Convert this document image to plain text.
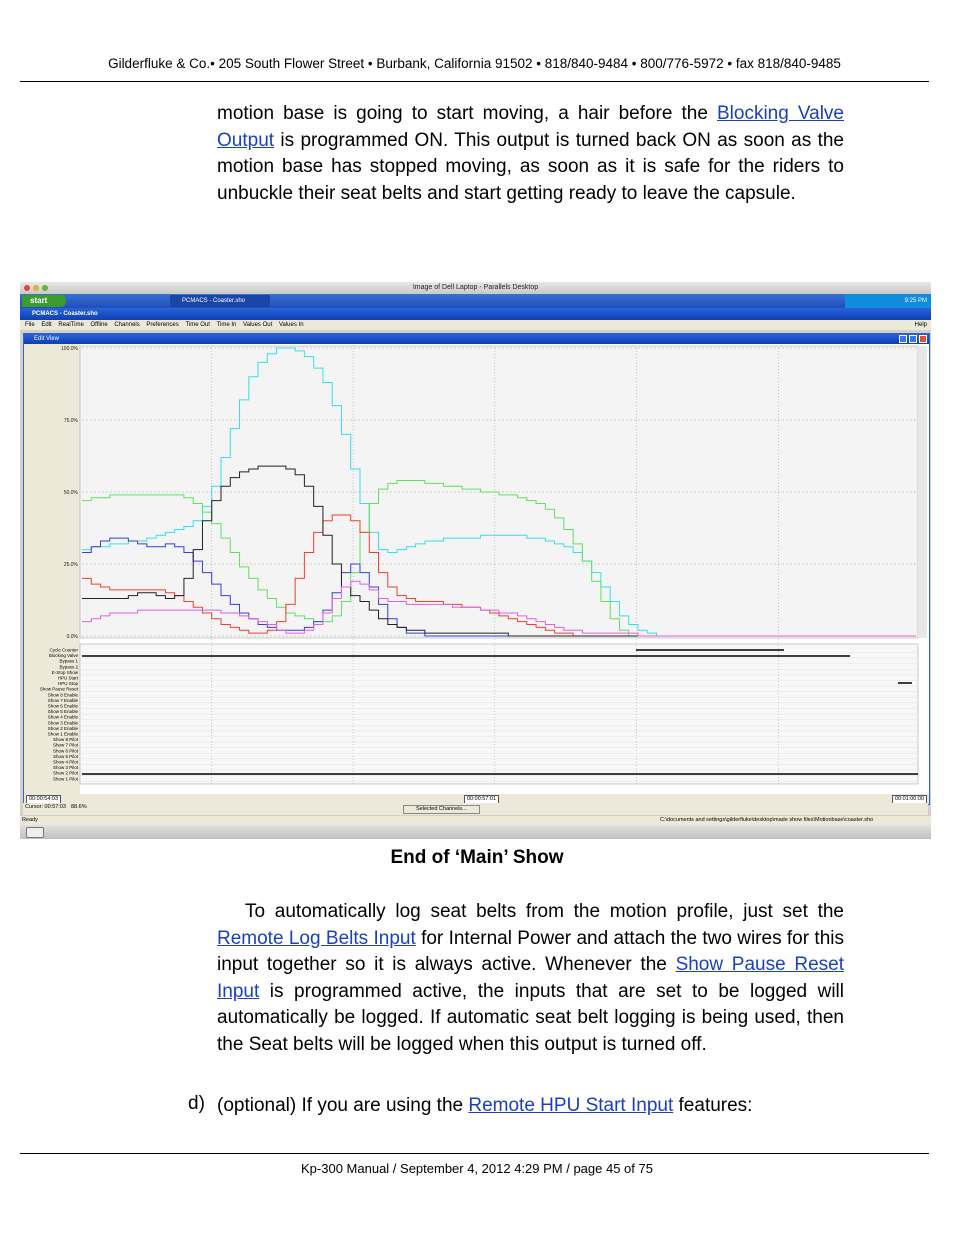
Gilderfluke & Co.• 205 South Flower Street • Burbank, California 91502 • 818/840-9484 • 800/776-5972 • fax 818/840-9485
motion base is going to start moving, a hair before the Blocking Valve Output is programmed ON. This output is turned back ON as soon as the motion base has stopped moving, as soon as it is safe for the riders to unbuckle their seat belts and start getting ready to leave the capsule.
Image of Dell Laptop - Parallels Desktop
start	PCMACS - Coaster.sho	9:25 PM
PCMACS - Coaster.sho
File Edit RealTime Offline Channels Preferences Time Out Time In Values Out Values In	Help
Edit View
100.0%
75.0%
50.0%
25.0%
0.0%
Cycle Counter
Blocking Valve
Bypass 1
Bypass 2
E-Stop Show
HPU Start
HPU Stop
Show Pause Reset
Show 8 Enable
Show 7 Enable
Show 6 Enable
Show 5 Enable
Show 4 Enable
Show 3 Enable
Show 2 Enable
Show 1 Enable
Show 8 Pilot
Show 7 Pilot
Show 6 Pilot
Show 5 Pilot
Show 4 Pilot
Show 3 Pilot
Show 2 Pilot
Show 1 Pilot
00:00:54:03	00:00:57:01	00:01:00:00
Cursor: 00:57:03 88.6%	Selected Channels...
Ready	C:\documents and settings\gilderfluke\desktop\made show files\Motionbase\coaster.sho
End of ‘Main’ Show
To automatically log seat belts from the motion profile, just set the Remote Log Belts Input for Internal Power and attach the two wires for this input together so it is always active. Whenever the Show Pause Reset Input is programmed active, the inputs that are set to be logged will automatically be logged. If automatic seat belt logging is being used, then the Seat belts will be logged when this output is turned off.
d) (optional) If you are using the Remote HPU Start Input features:
Kp-300 Manual / September 4, 2012 4:29 PM / page 45 of 75
